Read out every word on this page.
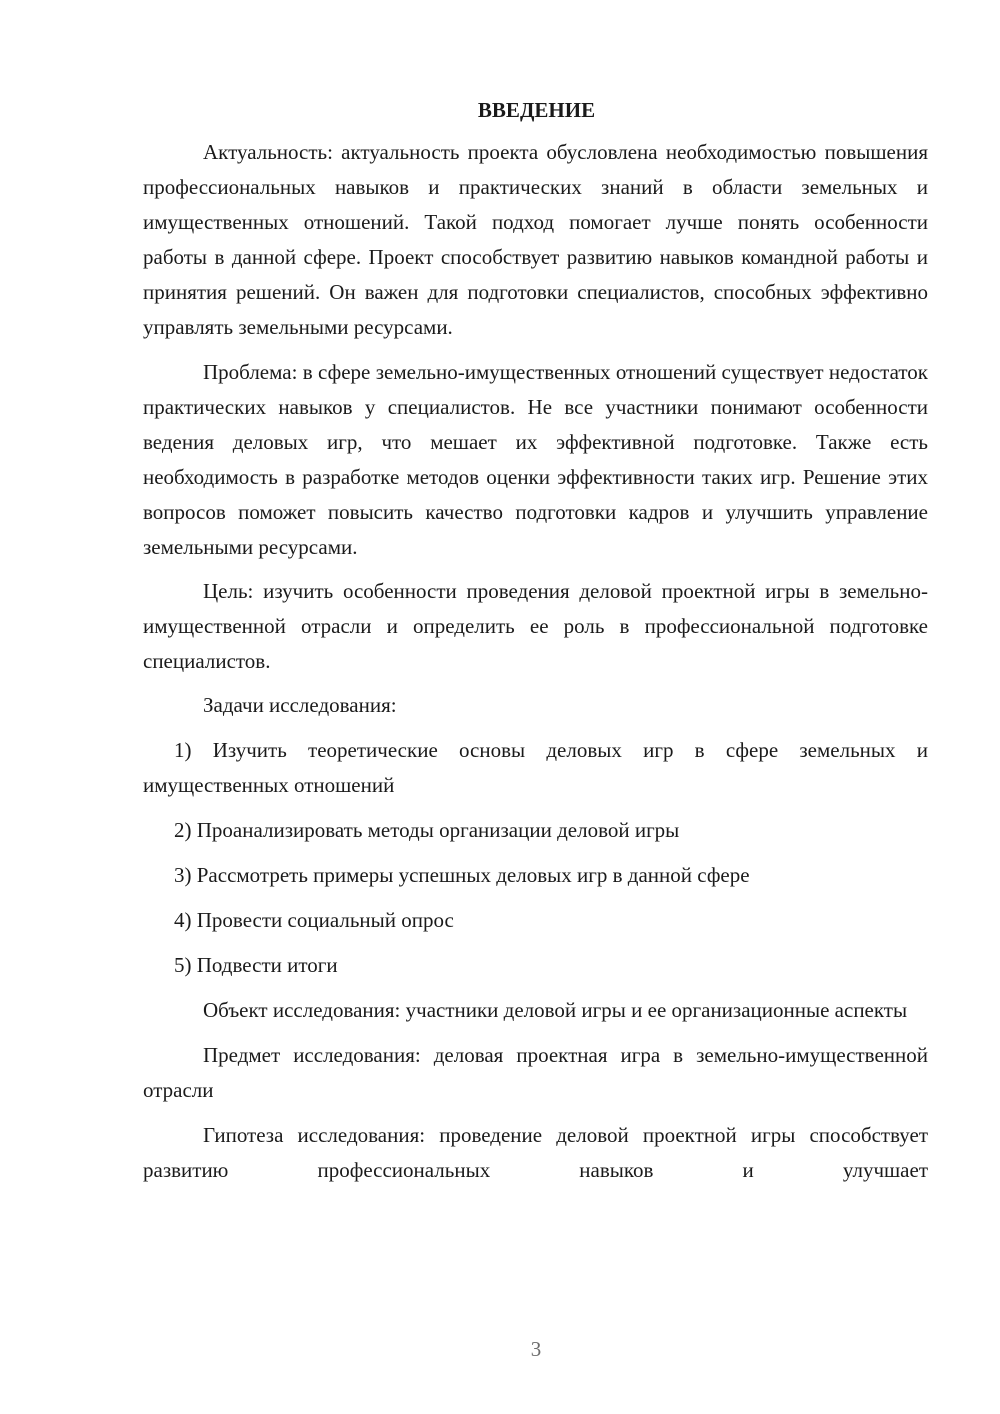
ВВЕДЕНИЕ

Актуальность: актуальность проекта обусловлена необходимостью повышения профессиональных навыков и практических знаний в области земельных и имущественных отношений. Такой подход помогает лучше понять особенности работы в данной сфере. Проект способствует развитию навыков командной работы и принятия решений. Он важен для подготовки специалистов, способных эффективно управлять земельными ресурсами.

Проблема: в сфере земельно-имущественных отношений существует недостаток практических навыков у специалистов. Не все участники понимают особенности ведения деловых игр, что мешает их эффективной подготовке. Также есть необходимость в разработке методов оценки эффективности таких игр. Решение этих вопросов поможет повысить качество подготовки кадров и улучшить управление земельными ресурсами.

Цель: изучить особенности проведения деловой проектной игры в земельно-имущественной отрасли и определить ее роль в профессиональной подготовке специалистов.

Задачи исследования:

1) Изучить теоретические основы деловых игр в сфере земельных и имущественных отношений

2) Проанализировать методы организации деловой игры

3) Рассмотреть примеры успешных деловых игр в данной сфере

4) Провести социальный опрос

5) Подвести итоги

Объект исследования: участники деловой игры и ее организационные аспекты

Предмет исследования: деловая проектная игра в земельно-имущественной отрасли

Гипотеза исследования: проведение деловой проектной игры способствует развитию профессиональных навыков и улучшает

3
